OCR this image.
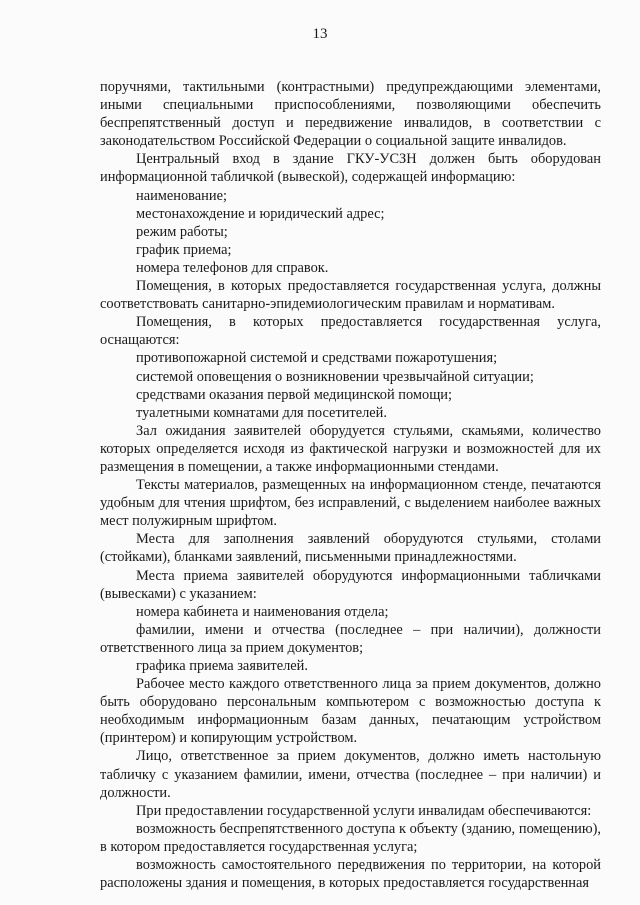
13

поручнями, тактильными (контрастными) предупреждающими элементами, иными специальными приспособлениями, позволяющими обеспечить беспрепятственный доступ и передвижение инвалидов, в соответствии с законодательством Российской Федерации о социальной защите инвалидов.

Центральный вход в здание ГКУ-УСЗН должен быть оборудован информационной табличкой (вывеской), содержащей информацию:

наименование;

местонахождение и юридический адрес;

режим работы;

график приема;

номера телефонов для справок.

Помещения, в которых предоставляется государственная услуга, должны соответствовать санитарно-эпидемиологическим правилам и нормативам.

Помещения, в которых предоставляется государственная услуга, оснащаются:

противопожарной системой и средствами пожаротушения;

системой оповещения о возникновении чрезвычайной ситуации;

средствами оказания первой медицинской помощи;

туалетными комнатами для посетителей.

Зал ожидания заявителей оборудуется стульями, скамьями, количество которых определяется исходя из фактической нагрузки и возможностей для их размещения в помещении, а также информационными стендами.

Тексты материалов, размещенных на информационном стенде, печатаются удобным для чтения шрифтом, без исправлений, с выделением наиболее важных мест полужирным шрифтом.

Места для заполнения заявлений оборудуются стульями, столами (стойками), бланками заявлений, письменными принадлежностями.

Места приема заявителей оборудуются информационными табличками (вывесками) с указанием:

номера кабинета и наименования отдела;

фамилии, имени и отчества (последнее – при наличии), должности ответственного лица за прием документов;

графика приема заявителей.

Рабочее место каждого ответственного лица за прием документов, должно быть оборудовано персональным компьютером с возможностью доступа к необходимым информационным базам данных, печатающим устройством (принтером) и копирующим устройством.

Лицо, ответственное за прием документов, должно иметь настольную табличку с указанием фамилии, имени, отчества (последнее – при наличии) и должности.

При предоставлении государственной услуги инвалидам обеспечиваются:

возможность беспрепятственного доступа к объекту (зданию, помещению), в котором предоставляется государственная услуга;

возможность самостоятельного передвижения по территории, на которой расположены здания и помещения, в которых предоставляется государственная
